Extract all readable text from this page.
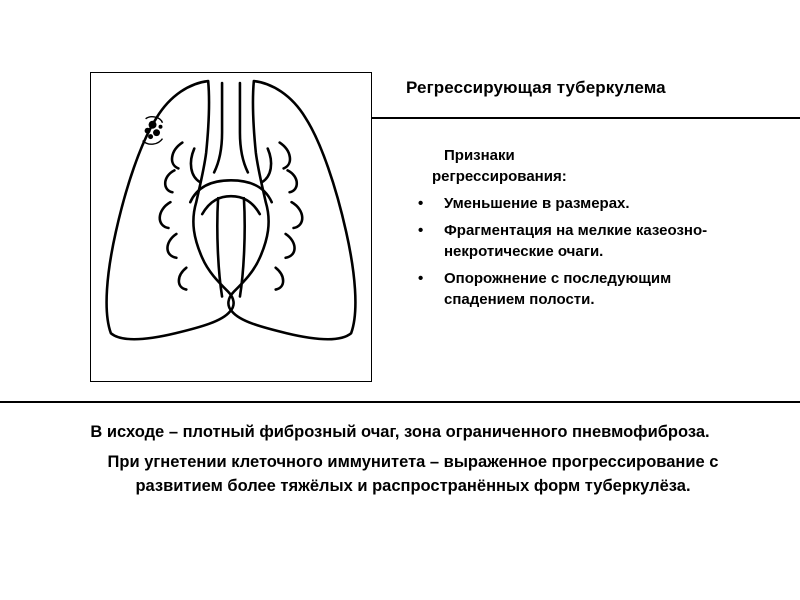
Регрессирующая туберкулема
Признаки
регрессирования:
• Уменьшение в размерах.
• Фрагментация на мелкие казеозно-некротические очаги.
• Опорожнение с последующим спадением полости.

В исходе – плотный фиброзный очаг, зона ограниченного пневмофиброза.

При угнетении клеточного иммунитета – выраженное прогрессирование с развитием более тяжёлых и распространённых форм туберкулёза.
